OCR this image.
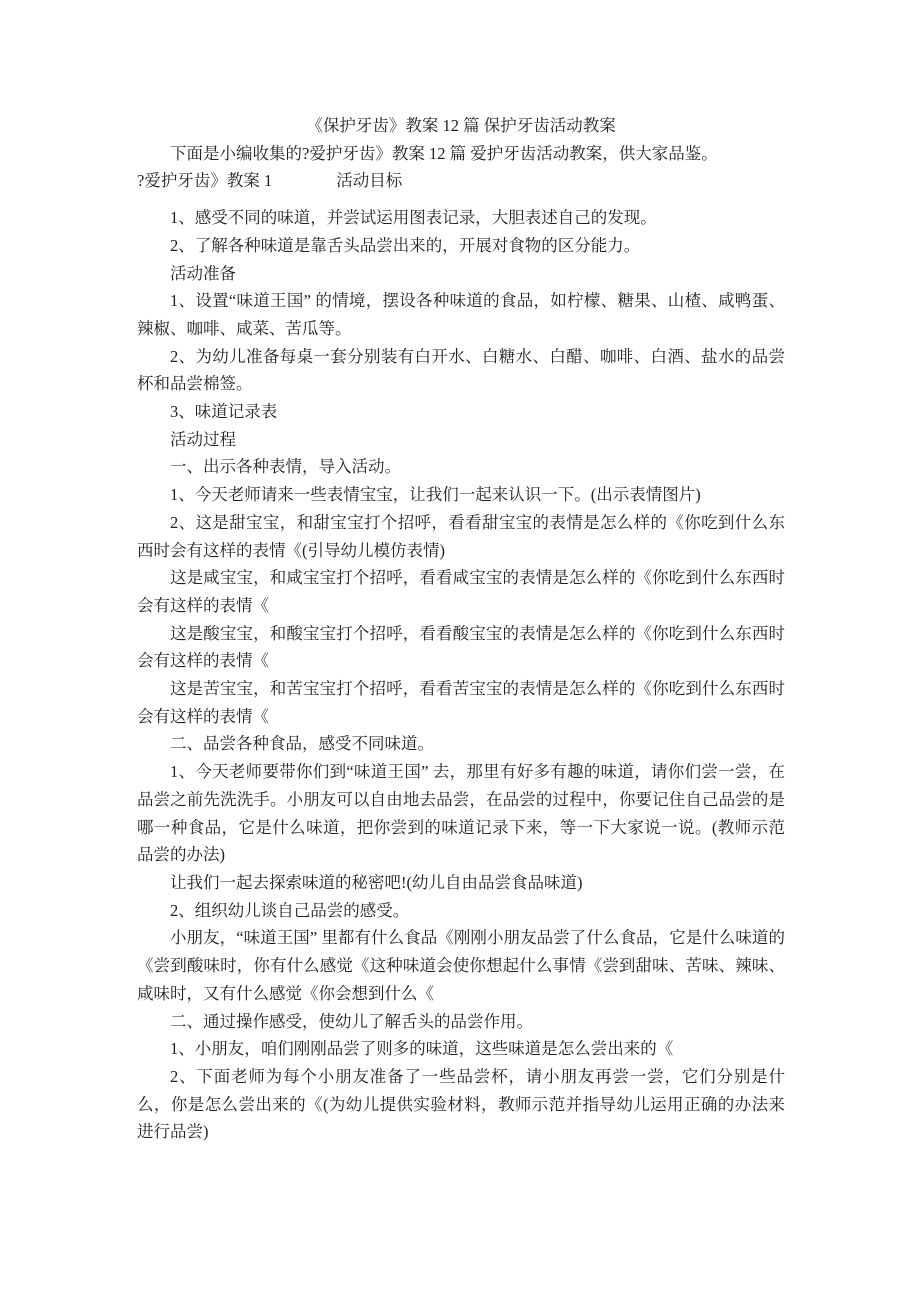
《保护牙齿》教案 12 篇 保护牙齿活动教案

下面是小编收集的?爱护牙齿》教案 12 篇 爱护牙齿活动教案，供大家品鉴。

?爱护牙齿》教案 1	活动目标

1、感受不同的味道，并尝试运用图表记录，大胆表述自己的发现。

2、了解各种味道是靠舌头品尝出来的，开展对食物的区分能力。

活动准备

1、设置“味道王国” 的情境，摆设各种味道的食品，如柠檬、糖果、山楂、咸鸭蛋、辣椒、咖啡、咸菜、苦瓜等。

2、为幼儿准备每桌一套分别装有白开水、白糖水、白醋、咖啡、白酒、盐水的品尝杯和品尝棉签。

3、味道记录表

活动过程

一、出示各种表情，导入活动。

1、今天老师请来一些表情宝宝，让我们一起来认识一下。(出示表情图片)

2、这是甜宝宝，和甜宝宝打个招呼，看看甜宝宝的表情是怎么样的《你吃到什么东西时会有这样的表情《(引导幼儿模仿表情)

这是咸宝宝，和咸宝宝打个招呼，看看咸宝宝的表情是怎么样的《你吃到什么东西时会有这样的表情《

这是酸宝宝，和酸宝宝打个招呼，看看酸宝宝的表情是怎么样的《你吃到什么东西时会有这样的表情《

这是苦宝宝，和苦宝宝打个招呼，看看苦宝宝的表情是怎么样的《你吃到什么东西时会有这样的表情《

二、品尝各种食品，感受不同味道。

1、今天老师要带你们到“味道王国” 去，那里有好多有趣的味道，请你们尝一尝，在品尝之前先洗洗手。小朋友可以自由地去品尝，在品尝的过程中，你要记住自己品尝的是哪一种食品，它是什么味道，把你尝到的味道记录下来，等一下大家说一说。(教师示范品尝的办法)

让我们一起去探索味道的秘密吧!(幼儿自由品尝食品味道)

2、组织幼儿谈自己品尝的感受。

小朋友，“味道王国” 里都有什么食品《刚刚小朋友品尝了什么食品，它是什么味道的《尝到酸味时，你有什么感觉《这种味道会使你想起什么事情《尝到甜味、苦味、辣味、咸味时，又有什么感觉《你会想到什么《

二、通过操作感受，使幼儿了解舌头的品尝作用。

1、小朋友，咱们刚刚品尝了则多的味道，这些味道是怎么尝出来的《

2、下面老师为每个小朋友准备了一些品尝杯，请小朋友再尝一尝，它们分别是什么，你是怎么尝出来的《(为幼儿提供实验材料，教师示范并指导幼儿运用正确的办法来进行品尝)
